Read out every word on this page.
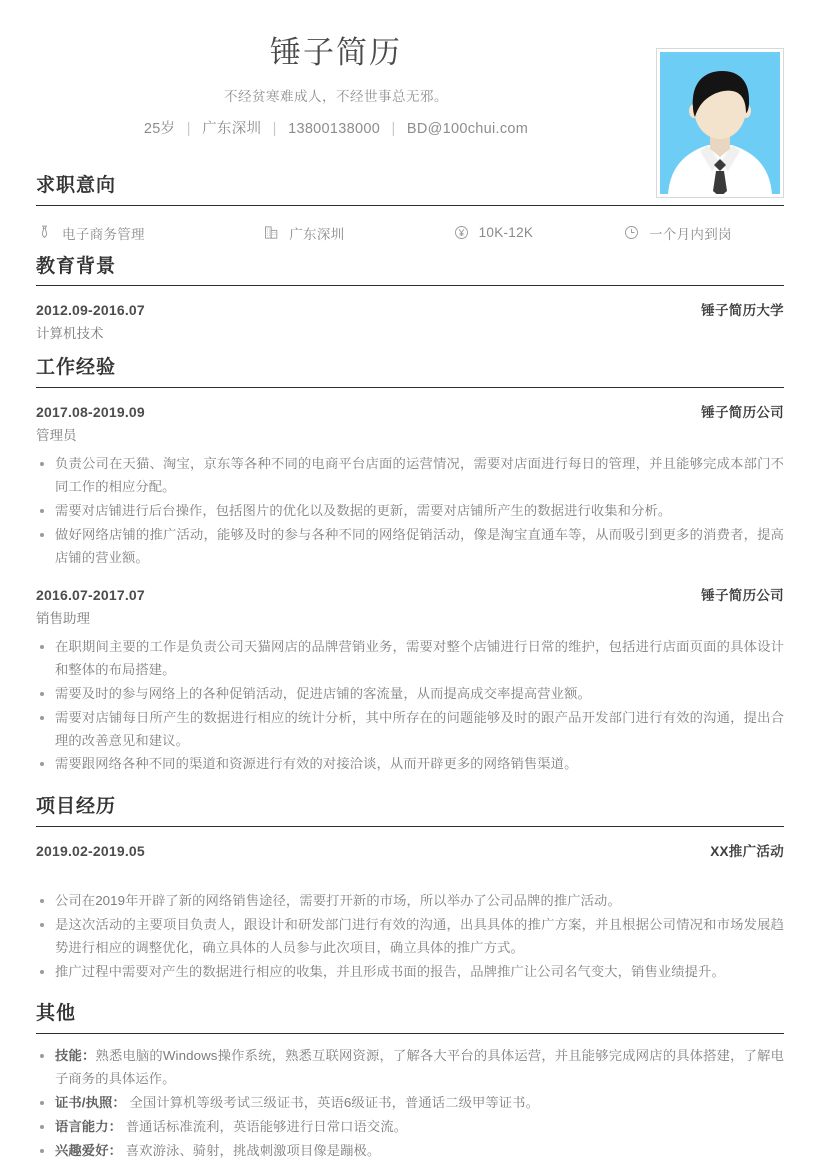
锤子简历
不经贫寒难成人，不经世事总无邪。
25岁 | 广东深圳 | 13800138000 | BD@100chui.com
求职意向
电子商务管理	广东深圳	10K-12K	一个月内到岗
教育背景
2012.09-2016.07	锤子简历大学
计算机技术
工作经验
2017.08-2019.09	锤子简历公司
管理员
负责公司在天猫、淘宝，京东等各种不同的电商平台店面的运营情况，需要对店面进行每日的管理，并且能够完成本部门不同工作的相应分配。
需要对店铺进行后台操作，包括图片的优化以及数据的更新，需要对店铺所产生的数据进行收集和分析。
做好网络店铺的推广活动，能够及时的参与各种不同的网络促销活动，像是淘宝直通车等，从而吸引到更多的消费者，提高店铺的营业额。
2016.07-2017.07	锤子简历公司
销售助理
在职期间主要的工作是负责公司天猫网店的品牌营销业务，需要对整个店铺进行日常的维护，包括进行店面页面的具体设计和整体的布局搭建。
需要及时的参与网络上的各种促销活动，促进店铺的客流量，从而提高成交率提高营业额。
需要对店铺每日所产生的数据进行相应的统计分析，其中所存在的问题能够及时的跟产品开发部门进行有效的沟通，提出合理的改善意见和建议。
需要跟网络各种不同的渠道和资源进行有效的对接洽谈，从而开辟更多的网络销售渠道。
项目经历
2019.02-2019.05	XX推广活动
公司在2019年开辟了新的网络销售途径，需要打开新的市场，所以举办了公司品牌的推广活动。
是这次活动的主要项目负责人，跟设计和研发部门进行有效的沟通，出具具体的推广方案，并且根据公司情况和市场发展趋势进行相应的调整优化，确立具体的人员参与此次项目，确立具体的推广方式。
推广过程中需要对产生的数据进行相应的收集，并且形成书面的报告，品牌推广让公司名气变大，销售业绩提升。
其他
技能：熟悉电脑的Windows操作系统，熟悉互联网资源，了解各大平台的具体运营，并且能够完成网店的具体搭建，了解电子商务的具体运作。
证书/执照： 全国计算机等级考试三级证书，英语6级证书，普通话二级甲等证书。
语言能力： 普通话标准流利，英语能够进行日常口语交流。
兴趣爱好： 喜欢游泳、骑射，挑战刺激项目像是蹦极。
